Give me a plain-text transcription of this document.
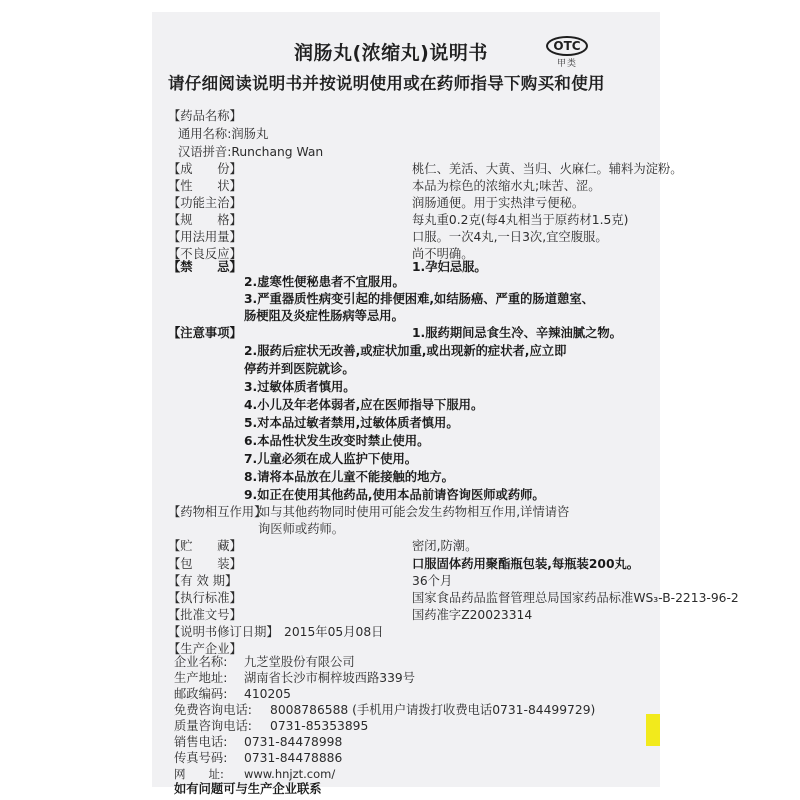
润肠丸(浓缩丸)说明书	OTC
甲类
请仔细阅读说明书并按说明使用或在药师指导下购买和使用
【药品名称】
通用名称:润肠丸
汉语拼音:Runchang Wan
【成　　份】	桃仁、羌活、大黄、当归、火麻仁。辅料为淀粉。
【性　　状】	本品为棕色的浓缩水丸;味苦、涩。
【功能主治】	润肠通便。用于实热津亏便秘。
【规　　格】	每丸重0.2克(每4丸相当于原药材1.5克)
【用法用量】	口服。一次4丸,一日3次,宜空腹服。
【不良反应】	尚不明确。
【禁　　忌】	1.孕妇忌服。
2.虚寒性便秘患者不宜服用。
3.严重器质性病变引起的排便困难,如结肠癌、严重的肠道憩室、
肠梗阻及炎症性肠病等忌用。
【注意事项】	1.服药期间忌食生冷、辛辣油腻之物。
2.服药后症状无改善,或症状加重,或出现新的症状者,应立即
停药并到医院就诊。
3.过敏体质者慎用。
4.小儿及年老体弱者,应在医师指导下服用。
5.对本品过敏者禁用,过敏体质者慎用。
6.本品性状发生改变时禁止使用。
7.儿童必须在成人监护下使用。
8.请将本品放在儿童不能接触的地方。
9.如正在使用其他药品,使用本品前请咨询医师或药师。
【药物相互作用】
如与其他药物同时使用可能会发生药物相互作用,详情请咨
询医师或药师。
【贮　　藏】	密闭,防潮。
【包　　装】	口服固体药用聚酯瓶包装,每瓶装200丸。
【有 效 期】	36个月
【执行标准】	国家食品药品监督管理总局国家药品标准WS₃-B-2213-96-2
【批准文号】	国药准字Z20023314
【说明书修订日期】 2015年05月08日
【生产企业】
企业名称: 九芝堂股份有限公司
生产地址: 湖南省长沙市桐梓坡西路339号
邮政编码: 410205
免费咨询电话: 8008786588 (手机用户请拨打收费电话0731-84499729)
质量咨询电话: 0731-85353895
销售电话: 0731-84478998
传真号码: 0731-84478886
网　　址: www.hnjzt.com/
如有问题可与生产企业联系
